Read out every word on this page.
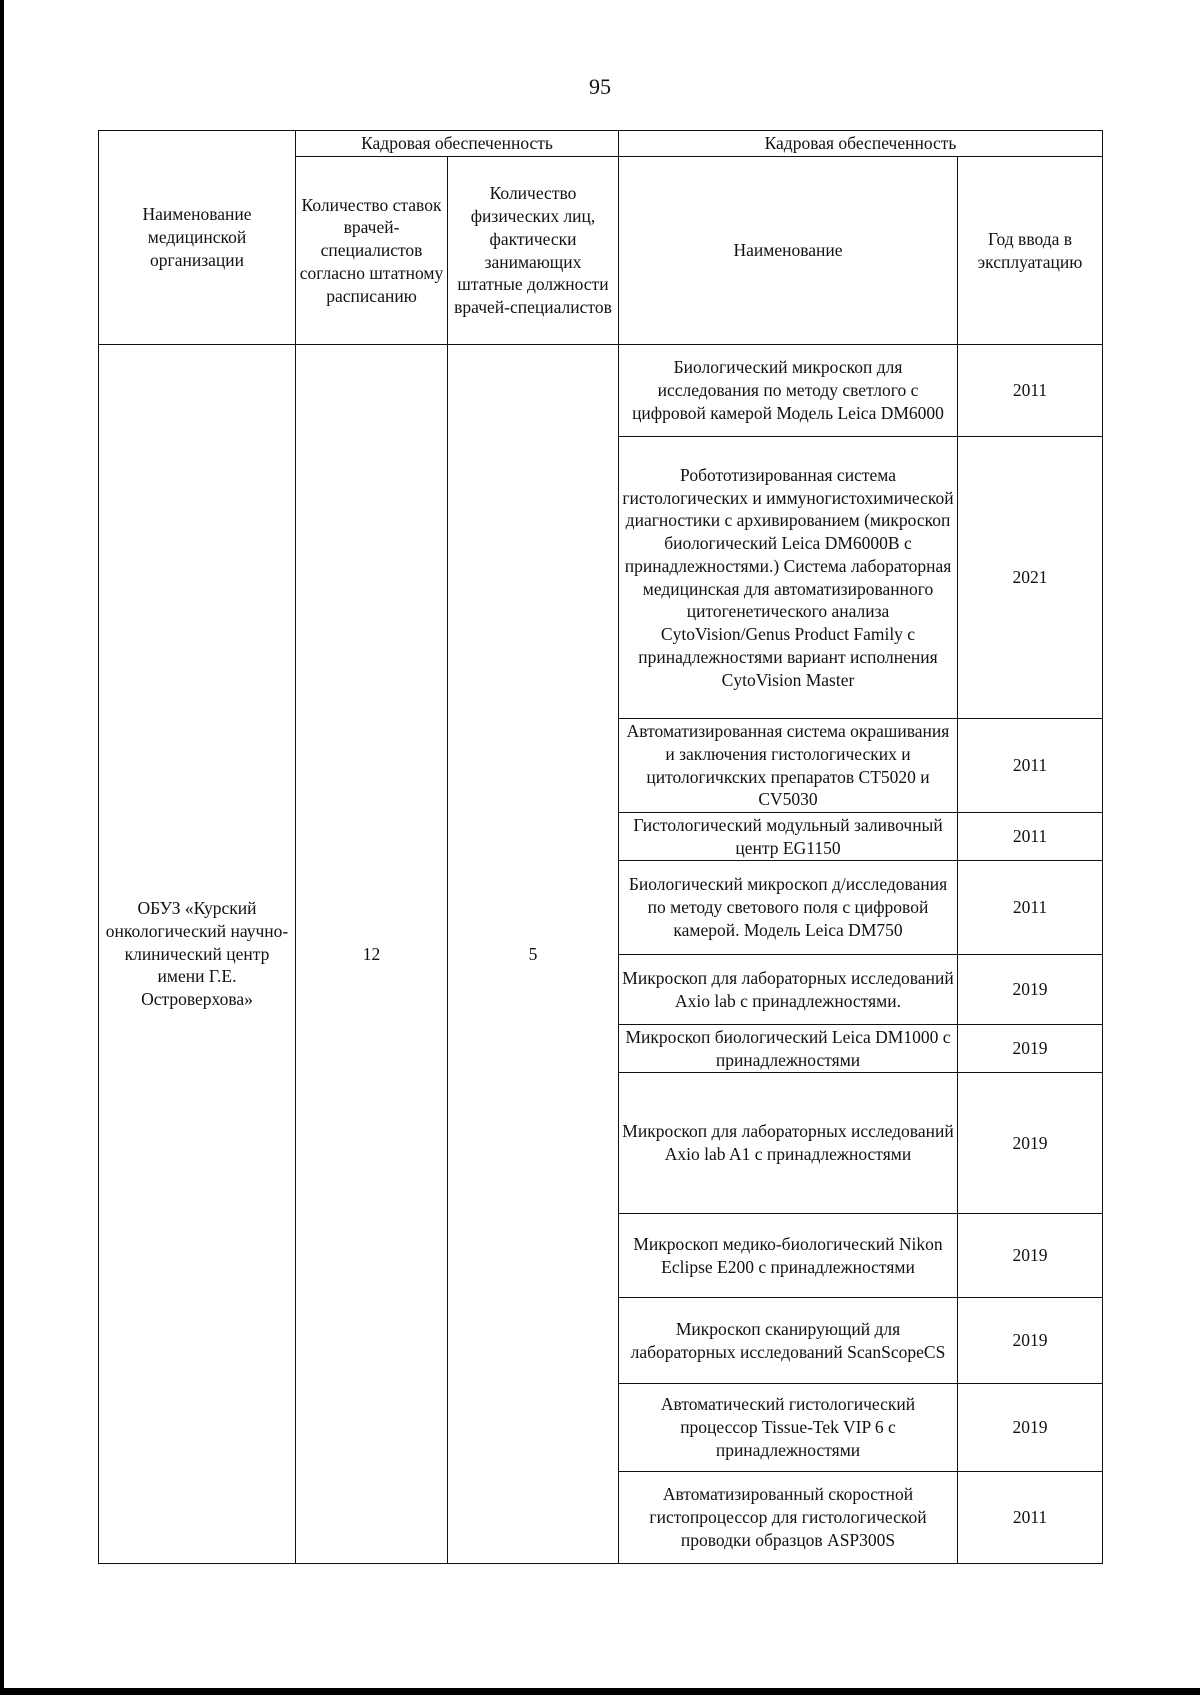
95
Наименование медицинской организации	Кадровая обеспеченность		Кадровая обеспеченность	
	Количество ставок врачей-специалистов согласно штатному расписанию	Количество физических лиц, фактически занимающих штатные должности врачей-специалистов	Наименование	Год ввода в эксплуатацию
ОБУЗ «Курский онкологический научно-клинический центр имени Г.Е. Островерхова»	12	5	Биологический микроскоп для исследования по методу светлого с цифровой камерой Модель Leica DM6000	2011
			Робототизированная система гистологических и иммуногистохимической диагностики с архивированием (микроскоп биологический Leica DM6000B с принадлежностями.) Система лабораторная медицинская для автоматизированного цитогенетического анализа CytoVision/Genus Product Family с принадлежностями вариант исполнения CytoVision Master	2021
			Автоматизированная система окрашивания и заключения гистологических и цитологичкских препаратов CT5020 и CV5030	2011
			Гистологический модульный заливочный центр EG1150	2011
			Биологический микроскоп д/исследования по методу светового поля с цифровой камерой. Модель Leica DM750	2011
			Микроскоп для лабораторных исследований Axio lab с принадлежностями.	2019
			Микроскоп биологический Leica DM1000 с принадлежностями	2019
			Микроскоп для лабораторных исследований Axio lab A1 с принадлежностями	2019
			Микроскоп медико-биологический Nikon Eclipse E200 с принадлежностями	2019
			Микроскоп сканирующий для лабораторных исследований ScanScopeCS	2019
			Автоматический гистологический процессор Tissue-Tek VIP 6 с принадлежностями	2019
			Автоматизированный скоростной гистопроцессор для гистологической проводки образцов ASP300S	2011
